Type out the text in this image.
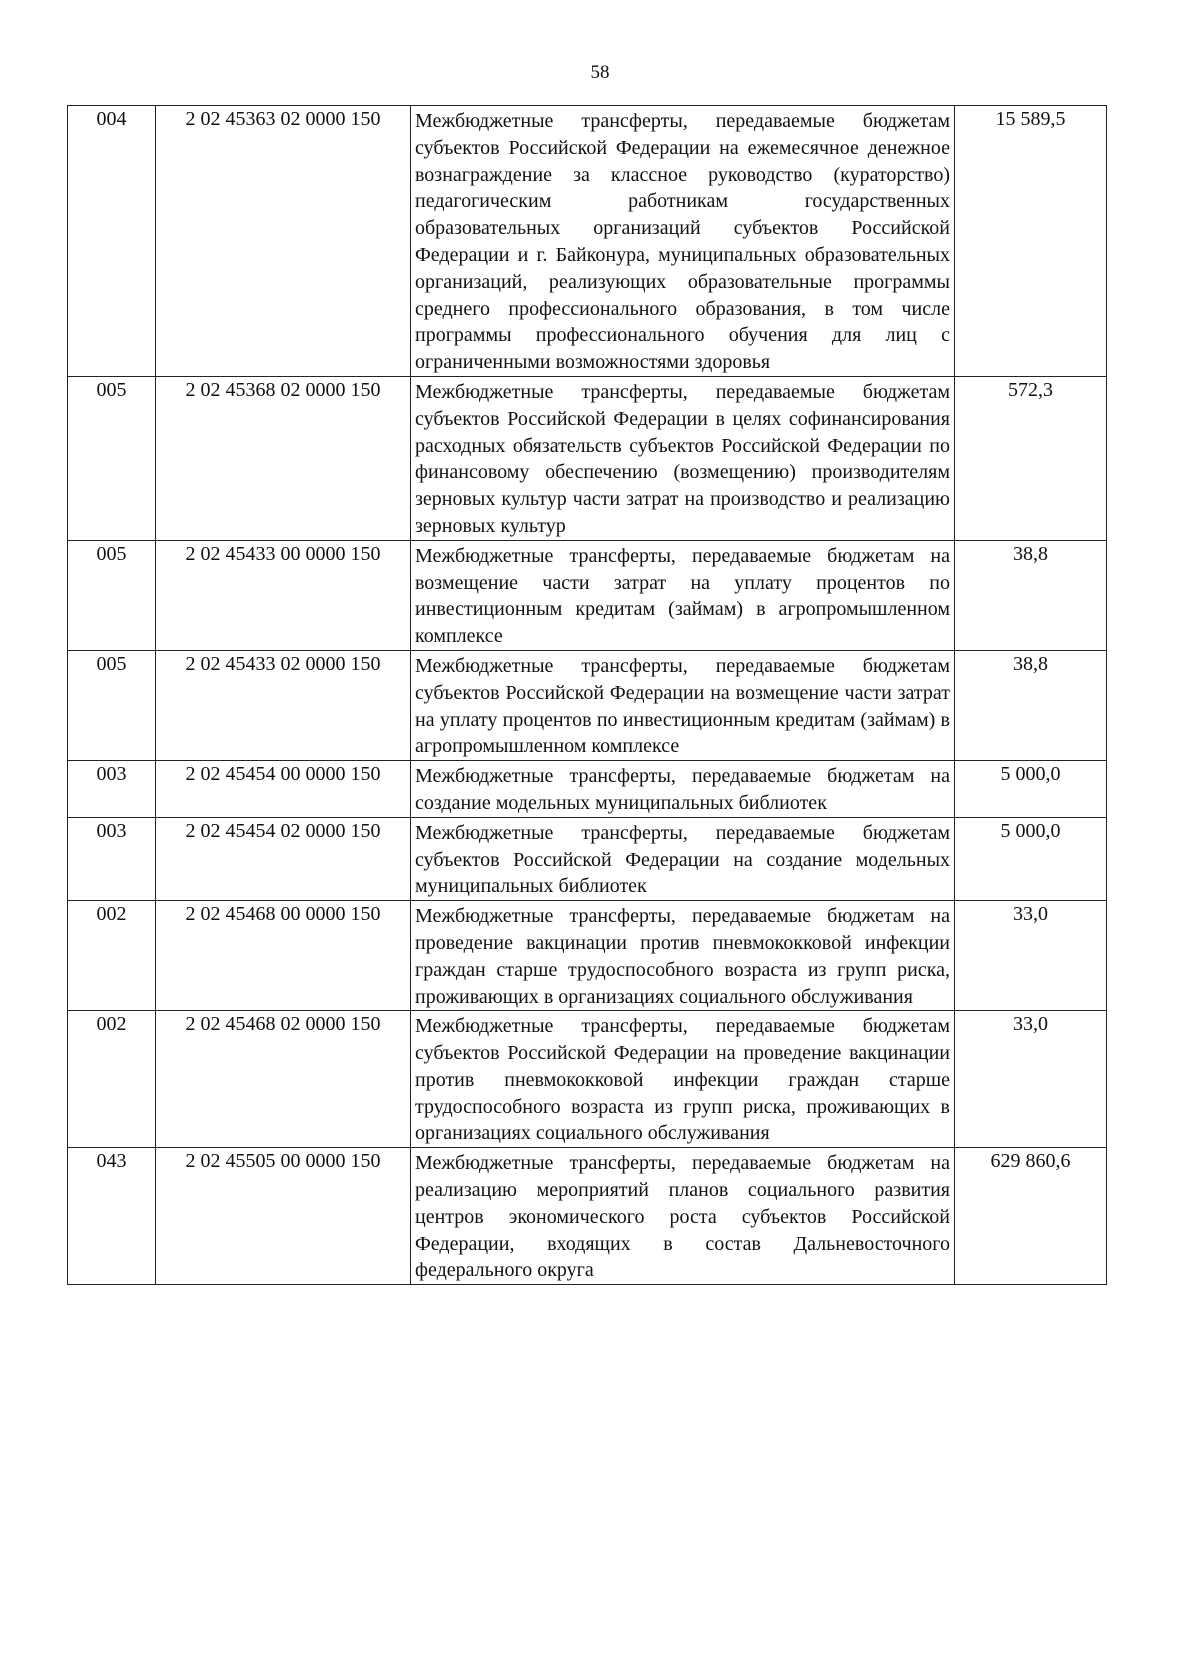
58
004	2 02 45363 02 0000 150	Межбюджетные трансферты, передаваемые бюджетам субъектов Российской Федерации на ежемесячное денежное вознаграждение за классное руководство (кураторство) педагогическим работникам государственных образовательных организаций субъектов Российской Федерации и г. Байконура, муниципальных образовательных организаций, реализующих образовательные программы среднего профессионального образования, в том числе программы профессионального обучения для лиц с ограниченными возможностями здоровья	15 589,5
005	2 02 45368 02 0000 150	Межбюджетные трансферты, передаваемые бюджетам субъектов Российской Федерации в целях софинансирования расходных обязательств субъектов Российской Федерации по финансовому обеспечению (возмещению) производителям зерновых культур части затрат на производство и реализацию зерновых культур	572,3
005	2 02 45433 00 0000 150	Межбюджетные трансферты, передаваемые бюджетам на возмещение части затрат на уплату процентов по инвестиционным кредитам (займам) в агропромышленном комплексе	38,8
005	2 02 45433 02 0000 150	Межбюджетные трансферты, передаваемые бюджетам субъектов Российской Федерации на возмещение части затрат на уплату процентов по инвестиционным кредитам (займам) в агропромышленном комплексе	38,8
003	2 02 45454 00 0000 150	Межбюджетные трансферты, передаваемые бюджетам на создание модельных муниципальных библиотек	5 000,0
003	2 02 45454 02 0000 150	Межбюджетные трансферты, передаваемые бюджетам субъектов Российской Федерации на создание модельных муниципальных библиотек	5 000,0
002	2 02 45468 00 0000 150	Межбюджетные трансферты, передаваемые бюджетам на проведение вакцинации против пневмококковой инфекции граждан старше трудоспособного возраста из групп риска, проживающих в организациях социального обслуживания	33,0
002	2 02 45468 02 0000 150	Межбюджетные трансферты, передаваемые бюджетам субъектов Российской Федерации на проведение вакцинации против пневмококковой инфекции граждан старше трудоспособного возраста из групп риска, проживающих в организациях социального обслуживания	33,0
043	2 02 45505 00 0000 150	Межбюджетные трансферты, передаваемые бюджетам на реализацию мероприятий планов социального развития центров экономического роста субъектов Российской Федерации, входящих в состав Дальневосточного федерального округа	629 860,6
